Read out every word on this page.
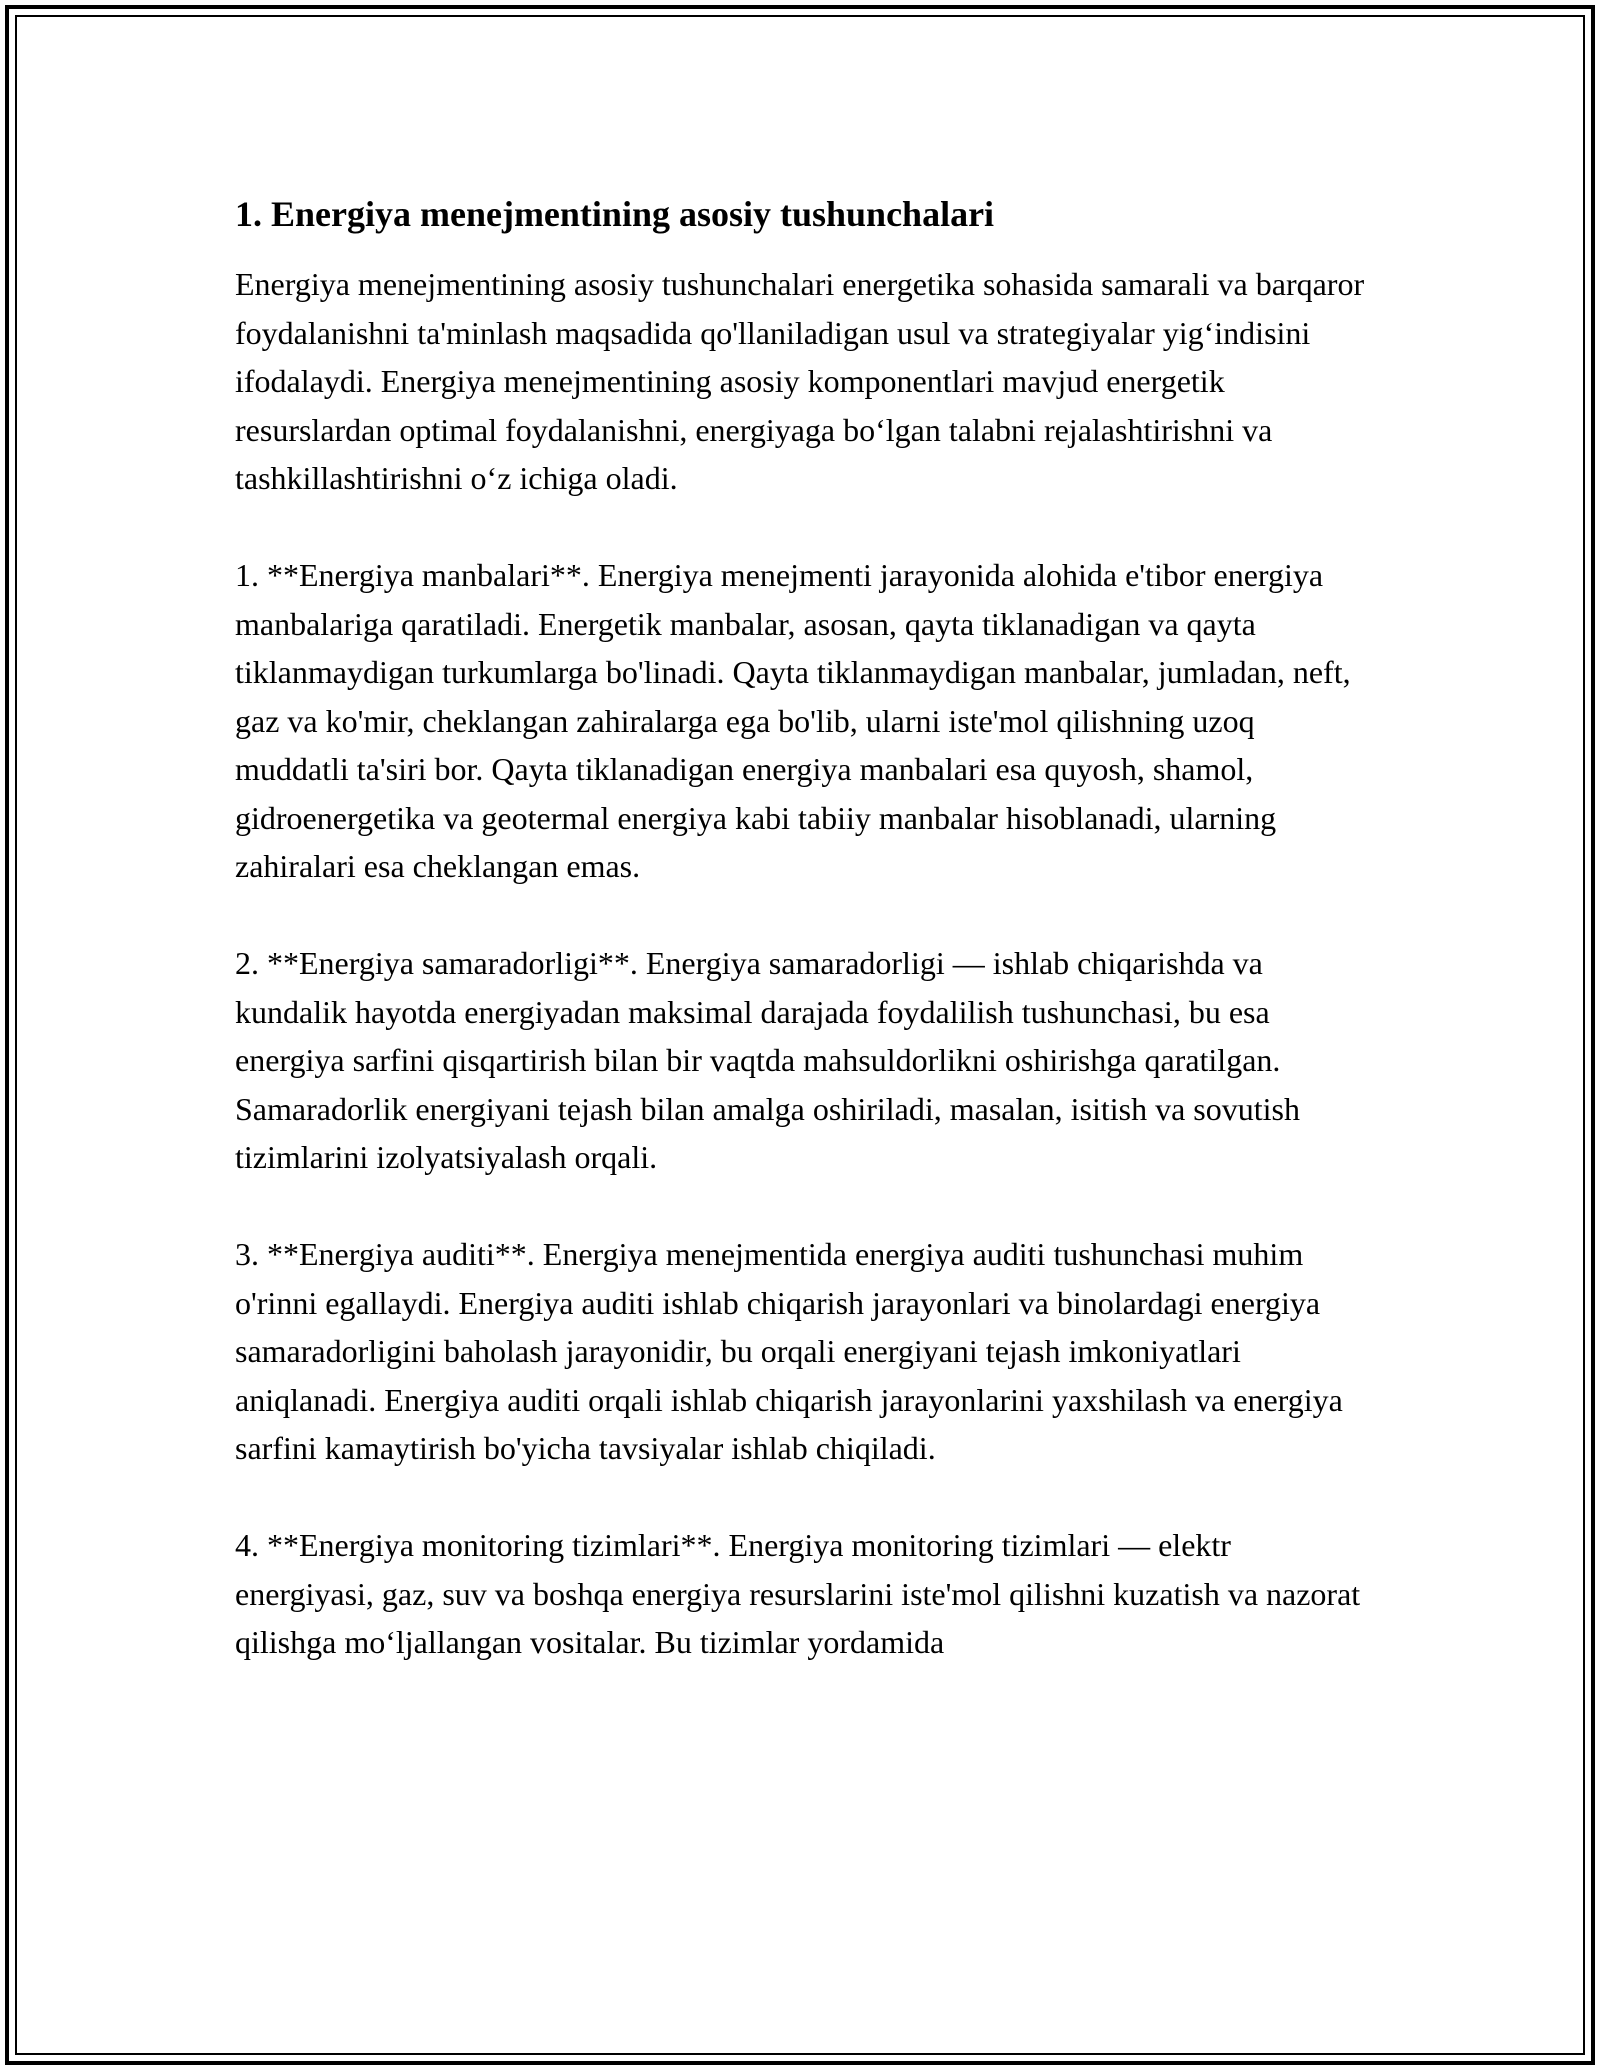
1. Energiya menejmentining asosiy tushunchalari

Energiya menejmentining asosiy tushunchalari energetika sohasida samarali va barqaror foydalanishni ta'minlash maqsadida qo'llaniladigan usul va strategiyalar yig‘indisini ifodalaydi. Energiya menejmentining asosiy komponentlari mavjud energetik resurslardan optimal foydalanishni, energiyaga bo‘lgan talabni rejalashtirishni va tashkillashtirishni o‘z ichiga oladi.

1. **Energiya manbalari**. Energiya menejmenti jarayonida alohida e'tibor energiya manbalariga qaratiladi. Energetik manbalar, asosan, qayta tiklanadigan va qayta tiklanmaydigan turkumlarga bo'linadi. Qayta tiklanmaydigan manbalar, jumladan, neft, gaz va ko'mir, cheklangan zahiralarga ega bo'lib, ularni iste'mol qilishning uzoq muddatli ta'siri bor. Qayta tiklanadigan energiya manbalari esa quyosh, shamol, gidroenergetika va geotermal energiya kabi tabiiy manbalar hisoblanadi, ularning zahiralari esa cheklangan emas.

2. **Energiya samaradorligi**. Energiya samaradorligi — ishlab chiqarishda va kundalik hayotda energiyadan maksimal darajada foydalilish tushunchasi, bu esa energiya sarfini qisqartirish bilan bir vaqtda mahsuldorlikni oshirishga qaratilgan. Samaradorlik energiyani tejash bilan amalga oshiriladi, masalan, isitish va sovutish tizimlarini izolyatsiyalash orqali.

3. **Energiya auditi**. Energiya menejmentida energiya auditi tushunchasi muhim o'rinni egallaydi. Energiya auditi ishlab chiqarish jarayonlari va binolardagi energiya samaradorligini baholash jarayonidir, bu orqali energiyani tejash imkoniyatlari aniqlanadi. Energiya auditi orqali ishlab chiqarish jarayonlarini yaxshilash va energiya sarfini kamaytirish bo'yicha tavsiyalar ishlab chiqiladi.

4. **Energiya monitoring tizimlari**. Energiya monitoring tizimlari — elektr energiyasi, gaz, suv va boshqa energiya resurslarini iste'mol qilishni kuzatish va nazorat qilishga mo‘ljallangan vositalar. Bu tizimlar yordamida
